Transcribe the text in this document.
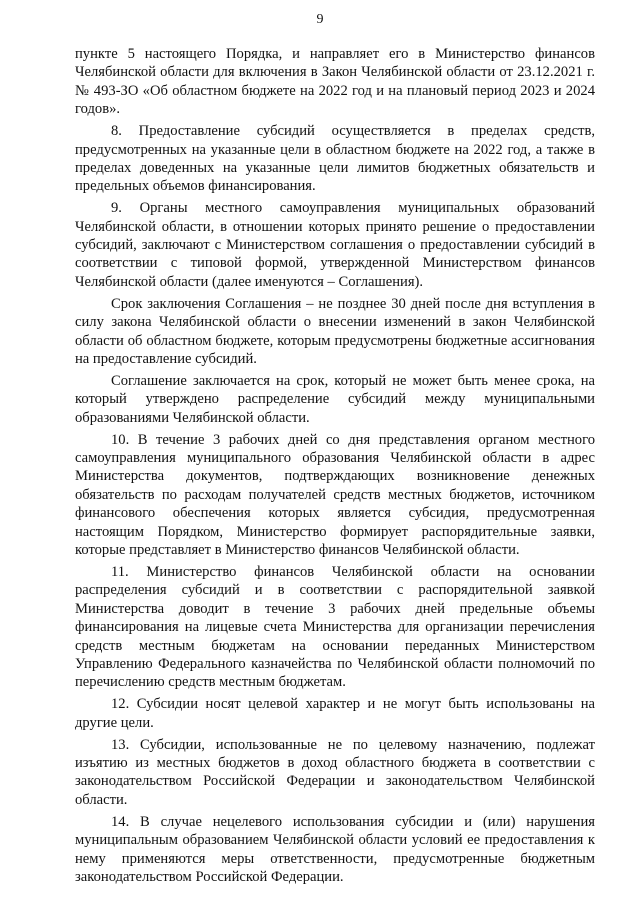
9

пункте 5 настоящего Порядка, и направляет его в Министерство финансов Челябинской области для включения в Закон Челябинской области от 23.12.2021 г. № 493-ЗО «Об областном бюджете на 2022 год и на плановый период 2023 и 2024 годов».

8. Предоставление субсидий осуществляется в пределах средств, предусмотренных на указанные цели в областном бюджете на 2022 год, а также в пределах доведенных на указанные цели лимитов бюджетных обязательств и предельных объемов финансирования.

9. Органы местного самоуправления муниципальных образований Челябинской области, в отношении которых принято решение о предоставлении субсидий, заключают с Министерством соглашения о предоставлении субсидий в соответствии с типовой формой, утвержденной Министерством финансов Челябинской области (далее именуются – Соглашения).

Срок заключения Соглашения – не позднее 30 дней после дня вступления в силу закона Челябинской области о внесении изменений в закон Челябинской области об областном бюджете, которым предусмотрены бюджетные ассигнования на предоставление субсидий.

Соглашение заключается на срок, который не может быть менее срока, на который утверждено распределение субсидий между муниципальными образованиями Челябинской области.

10. В течение 3 рабочих дней со дня представления органом местного самоуправления муниципального образования Челябинской области в адрес Министерства документов, подтверждающих возникновение денежных обязательств по расходам получателей средств местных бюджетов, источником финансового обеспечения которых является субсидия, предусмотренная настоящим Порядком, Министерство формирует распорядительные заявки, которые представляет в Министерство финансов Челябинской области.

11. Министерство финансов Челябинской области на основании распределения субсидий и в соответствии с распорядительной заявкой Министерства доводит в течение 3 рабочих дней предельные объемы финансирования на лицевые счета Министерства для организации перечисления средств местным бюджетам на основании переданных Министерством Управлению Федерального казначейства по Челябинской области полномочий по перечислению средств местным бюджетам.

12. Субсидии носят целевой характер и не могут быть использованы на другие цели.

13. Субсидии, использованные не по целевому назначению, подлежат изъятию из местных бюджетов в доход областного бюджета в соответствии с законодательством Российской Федерации и законодательством Челябинской области.

14. В случае нецелевого использования субсидии и (или) нарушения муниципальным образованием Челябинской области условий ее предоставления к нему применяются меры ответственности, предусмотренные бюджетным законодательством Российской Федерации.
